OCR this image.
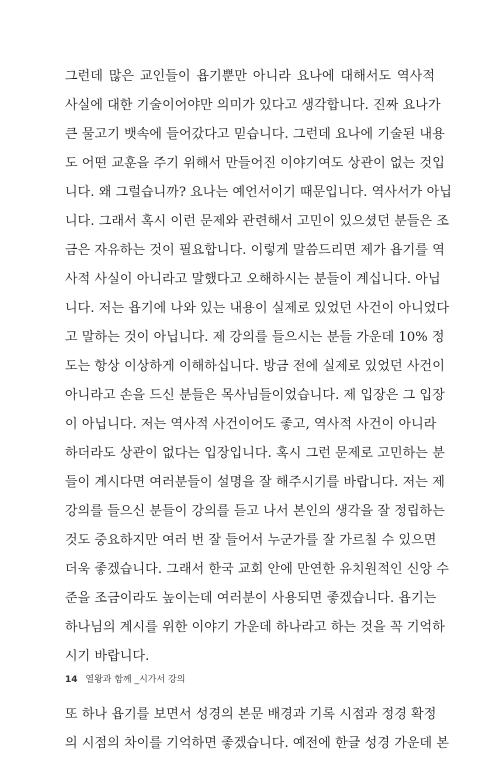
그런데 많은 교인들이 욥기뿐만 아니라 요나에 대해서도 역사적
사실에 대한 기술이어야만 의미가 있다고 생각합니다. 진짜 요나가
큰 물고기 뱃속에 들어갔다고 믿습니다. 그런데 요나에 기술된 내용
도 어떤 교훈을 주기 위해서 만들어진 이야기여도 상관이 없는 것입
니다. 왜 그럴습니까? 요나는 예언서이기 때문입니다. 역사서가 아닙
니다. 그래서 혹시 이런 문제와 관련해서 고민이 있으셨던 분들은 조
금은 자유하는 것이 필요합니다. 이렇게 말씀드리면 제가 욥기를 역
사적 사실이 아니라고 말했다고 오해하시는 분들이 계십니다. 아닙
니다. 저는 욥기에 나와 있는 내용이 실제로 있었던 사건이 아니었다
고 말하는 것이 아닙니다. 제 강의를 들으시는 분들 가운데 10% 정
도는 항상 이상하게 이해하십니다. 방금 전에 실제로 있었던 사건이
아니라고 손을 드신 분들은 목사님들이었습니다. 제 입장은 그 입장
이 아닙니다. 저는 역사적 사건이어도 좋고, 역사적 사건이 아니라
하더라도 상관이 없다는 입장입니다. 혹시 그런 문제로 고민하는 분
들이 계시다면 여러분들이 설명을 잘 해주시기를 바랍니다. 저는 제
강의를 들으신 분들이 강의를 듣고 나서 본인의 생각을 잘 정립하는
것도 중요하지만 여러 번 잘 들어서 누군가를 잘 가르칠 수 있으면
더욱 좋겠습니다. 그래서 한국 교회 안에 만연한 유치원적인 신앙 수
준을 조금이라도 높이는데 여러분이 사용되면 좋겠습니다. 욥기는
하나님의 계시를 위한 이야기 가운데 하나라고 하는 것을 꼭 기억하
시기 바랍니다.
또 하나 욥기를 보면서 성경의 본문 배경과 기록 시점과 정경 확정
의 시점의 차이를 기억하면 좋겠습니다. 예전에 한글 성경 가운데 본
14 열왕과 함께 _시가서 강의
